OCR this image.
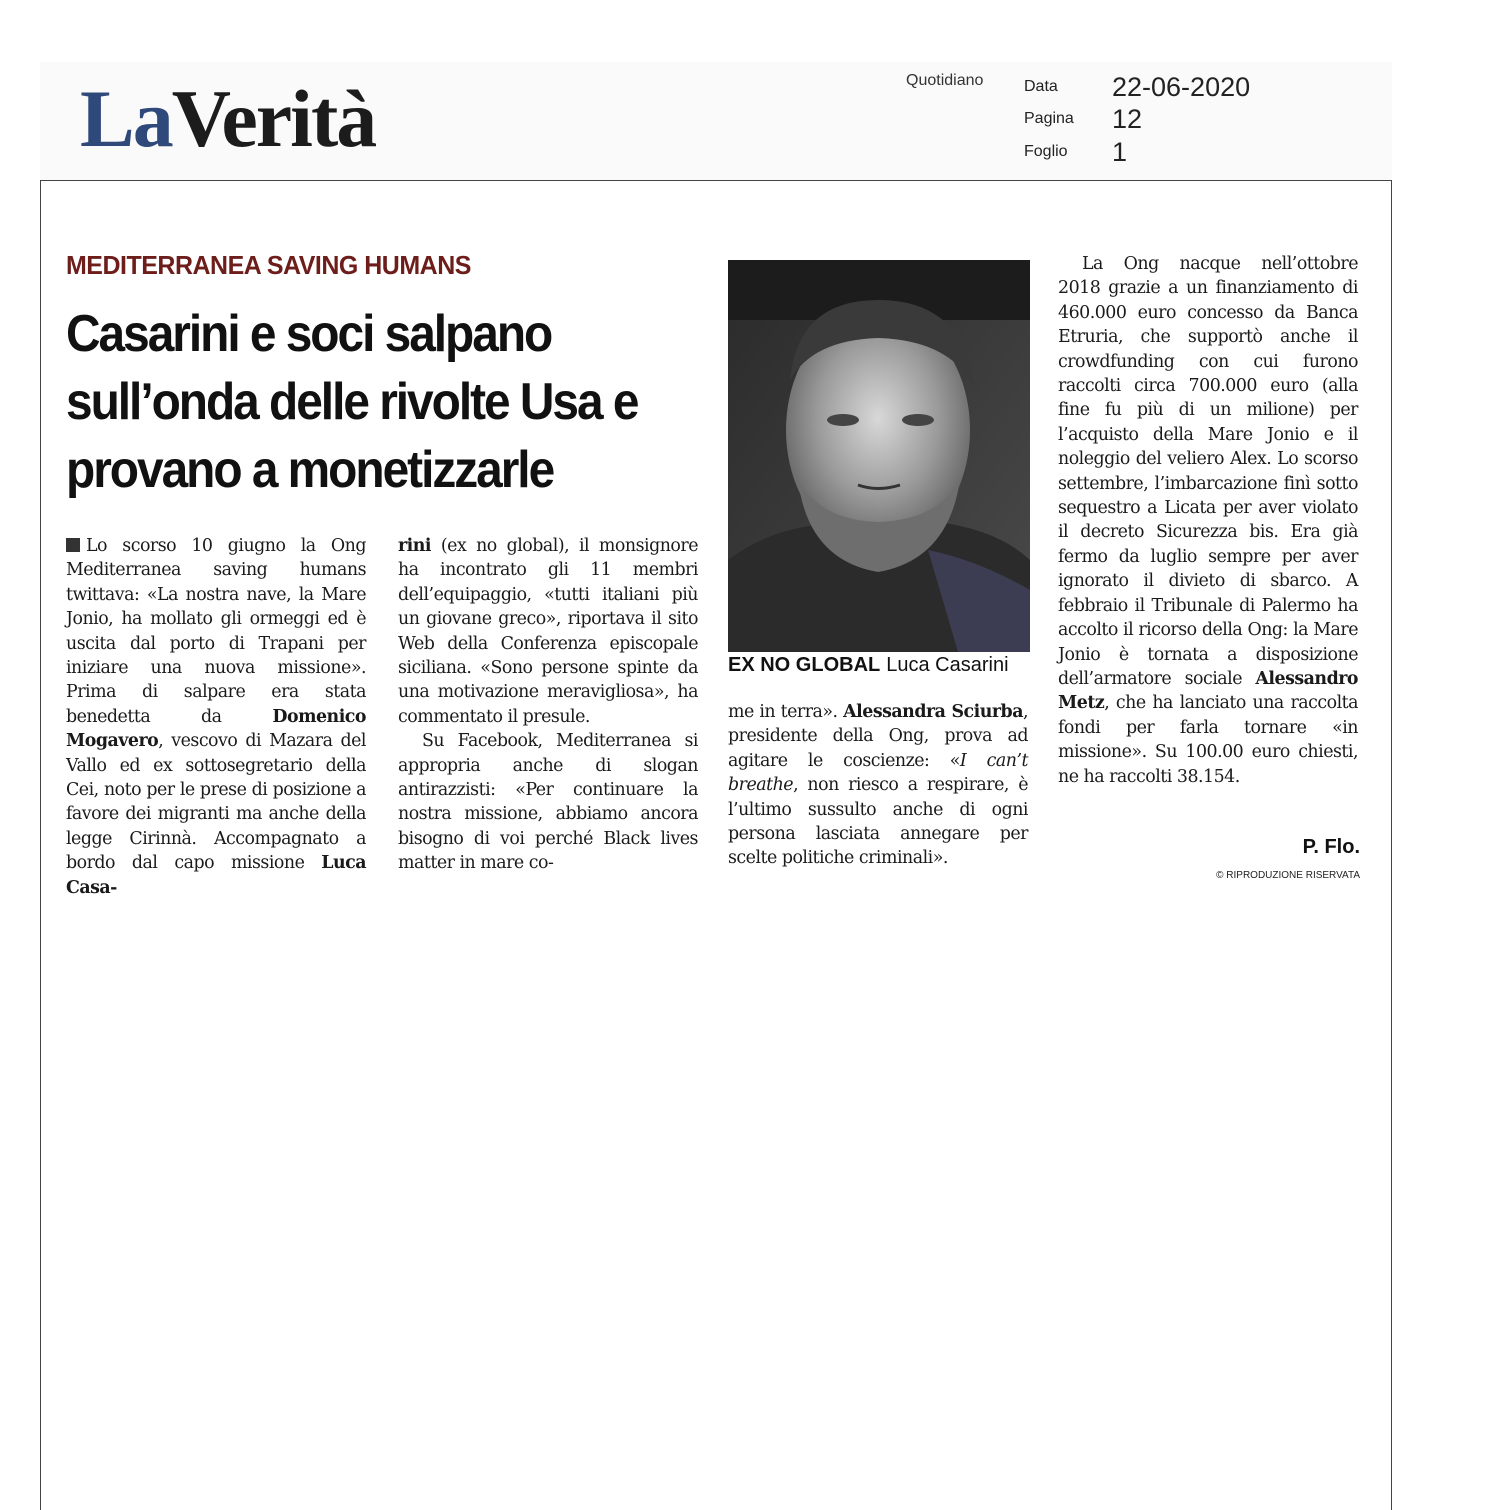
LaVerità	Quotidiano	Data 22-06-2020
Pagina 12
Foglio 1
MEDITERRANEA SAVING HUMANS
Casarini e soci salpano sull’onda delle rivolte Usa e provano a monetizzarle

Lo scorso 10 giugno la Ong Mediterranea saving humans twittava: «La nostra nave, la Mare Jonio, ha mollato gli ormeggi ed è uscita dal porto di Trapani per iniziare una nuova missione». Prima di salpare era stata benedetta da Domenico Mogavero, vescovo di Mazara del Vallo ed ex sottosegretario della Cei, noto per le prese di posizione a favore dei migranti ma anche della legge Cirinnà. Accompagnato a bordo dal capo missione Luca Casa-

rini (ex no global), il monsignore ha incontrato gli 11 membri dell’equipaggio, «tutti italiani più un giovane greco», riportava il sito Web della Conferenza episcopale siciliana. «Sono persone spinte da una motivazione meravigliosa», ha commentato il presule.

Su Facebook, Mediterranea si appropria anche di slogan antirazzisti: «Per continuare la nostra missione, abbiamo ancora bisogno di voi perché Black lives matter in mare co-

EX NO GLOBAL Luca Casarini

me in terra». Alessandra Sciurba, presidente della Ong, prova ad agitare le coscienze: «I can’t breathe, non riesco a respirare, è l’ultimo sussulto anche di ogni persona lasciata annegare per scelte politiche criminali».

La Ong nacque nell’ottobre 2018 grazie a un finanziamento di 460.000 euro concesso da Banca Etruria, che supportò anche il crowdfunding con cui furono raccolti circa 700.000 euro (alla fine fu più di un milione) per l’acquisto della Mare Jonio e il noleggio del veliero Alex. Lo scorso settembre, l’imbarcazione finì sotto sequestro a Licata per aver violato il decreto Sicurezza bis. Era già fermo da luglio sempre per aver ignorato il divieto di sbarco. A febbraio il Tribunale di Palermo ha accolto il ricorso della Ong: la Mare Jonio è tornata a disposizione dell’armatore sociale Alessandro Metz, che ha lanciato una raccolta fondi per farla tornare «in missione». Su 100.00 euro chiesti, ne ha raccolti 38.154.

P. Flo.
© RIPRODUZIONE RISERVATA
